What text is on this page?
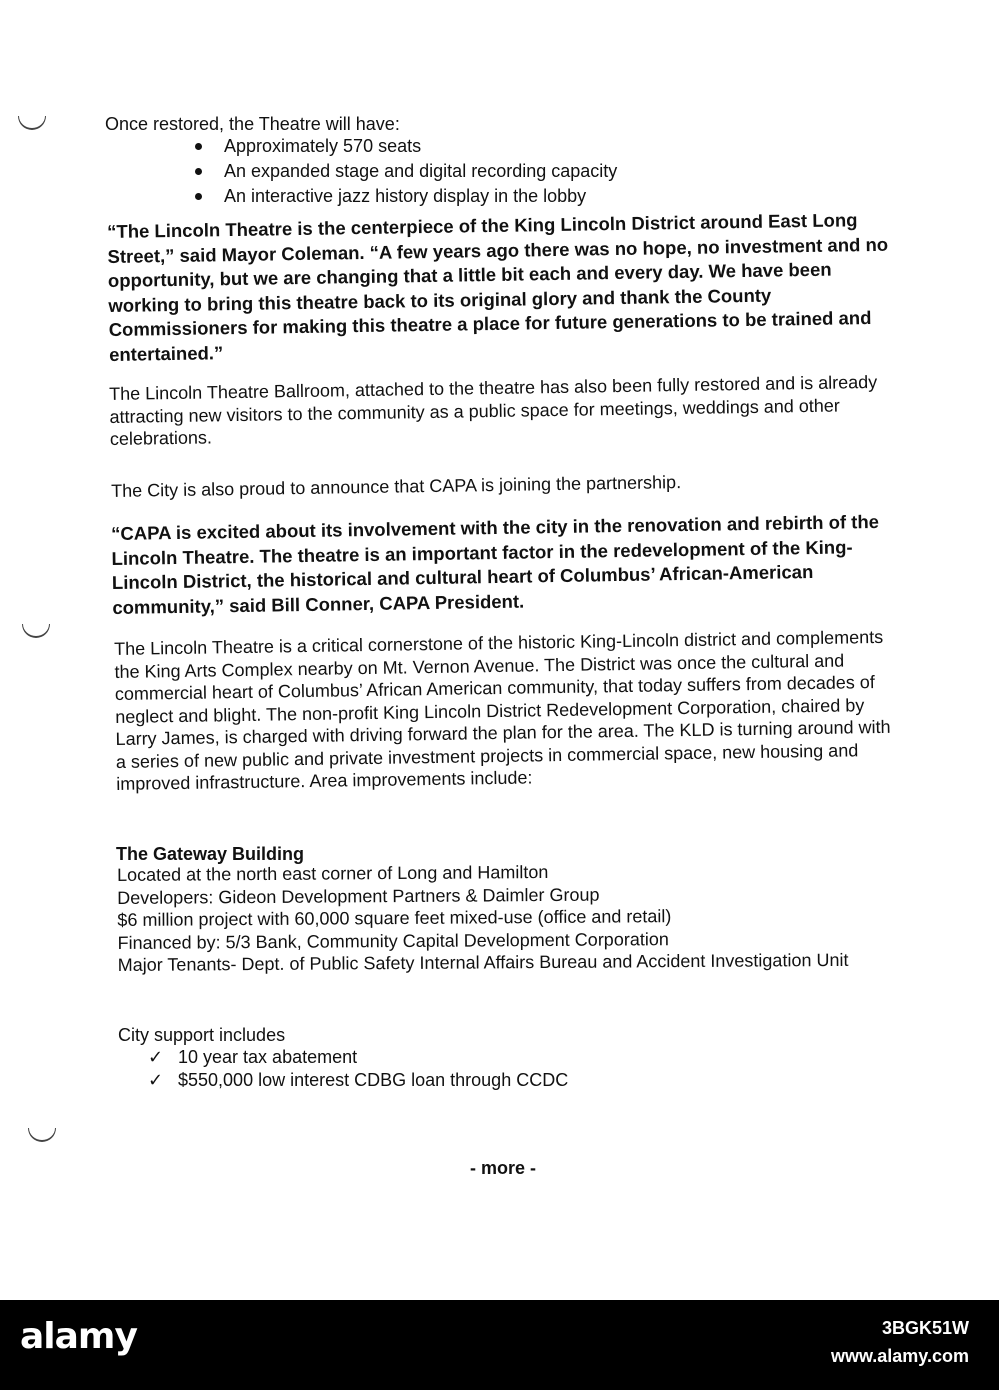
Once restored, the Theatre will have:

Approximately 570 seats
An expanded stage and digital recording capacity
An interactive jazz history display in the lobby

“The Lincoln Theatre is the centerpiece of the King Lincoln District around East Long Street,” said Mayor Coleman. “A few years ago there was no hope, no investment and no opportunity, but we are changing that a little bit each and every day. We have been working to bring this theatre back to its original glory and thank the County Commissioners for making this theatre a place for future generations to be trained and entertained.”

The Lincoln Theatre Ballroom, attached to the theatre has also been fully restored and is already attracting new visitors to the community as a public space for meetings, weddings and other celebrations.

The City is also proud to announce that CAPA is joining the partnership.

“CAPA is excited about its involvement with the city in the renovation and rebirth of the Lincoln Theatre. The theatre is an important factor in the redevelopment of the King-Lincoln District, the historical and cultural heart of Columbus’ African-American community,” said Bill Conner, CAPA President.

The Lincoln Theatre is a critical cornerstone of the historic King-Lincoln district and complements the King Arts Complex nearby on Mt. Vernon Avenue. The District was once the cultural and commercial heart of Columbus’ African American community, that today suffers from decades of neglect and blight. The non-profit King Lincoln District Redevelopment Corporation, chaired by Larry James, is charged with driving forward the plan for the area. The KLD is turning around with a series of new public and private investment projects in commercial space, new housing and improved infrastructure. Area improvements include:

The Gateway Building

Located at the north east corner of Long and Hamilton
Developers: Gideon Development Partners & Daimler Group
$6 million project with 60,000 square feet mixed-use (office and retail)
Financed by: 5/3 Bank, Community Capital Development Corporation
Major Tenants- Dept. of Public Safety Internal Affairs Bureau and Accident Investigation Unit

City support includes

✓ 10 year tax abatement
✓ $550,000 low interest CDBG loan through CCDC

- more -

alamy	3BGK51W
www.alamy.com
